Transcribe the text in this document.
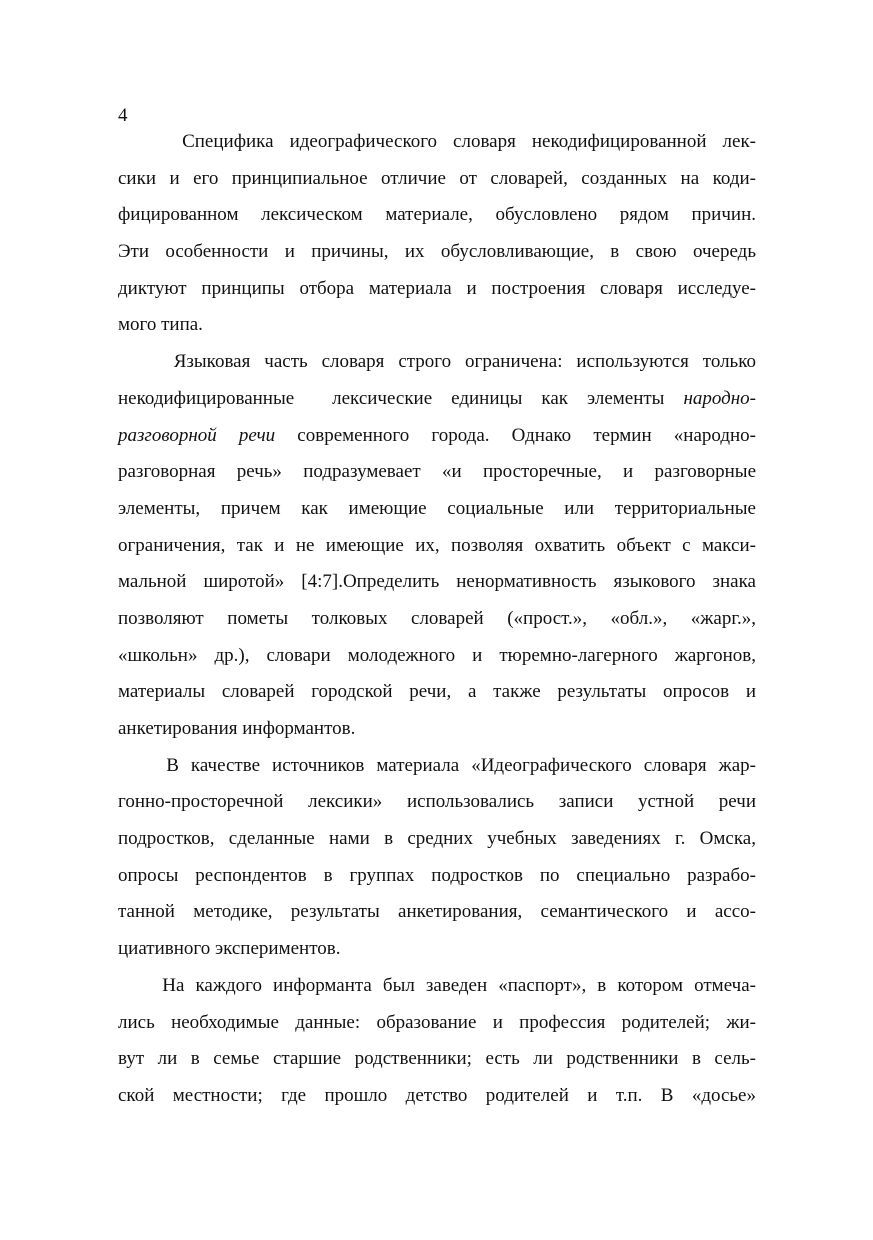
4
Специфика идеографического словаря некодифицированной лек-
сики и его принципиальное отличие от словарей, созданных на коди-
фицированном лексическом материале, обусловлено рядом причин.
Эти особенности и причины, их обусловливающие, в свою очередь
диктуют принципы отбора материала и построения словаря исследуе-
мого типа.
Языковая часть словаря строго ограничена: используются только
некодифицированные  лексические единицы как элементы народно-
разговорной речи современного города. Однако термин «народно-
разговорная речь» подразумевает «и просторечные, и разговорные
элементы, причем как имеющие социальные или территориальные
ограничения, так и не имеющие их, позволяя охватить объект с макси-
мальной широтой» [4:7].Определить ненормативность языкового знака
позволяют пометы толковых словарей («прост.», «обл.», «жарг.»,
«школьн» др.), словари молодежного и тюремно-лагерного жаргонов,
материалы словарей городской речи, а также результаты опросов и
анкетирования информантов.
В качестве источников материала «Идеографического словаря жар-
гонно-просторечной лексики» использовались записи устной речи
подростков, сделанные нами в средних учебных заведениях г. Омска,
опросы респондентов в группах подростков по специально разрабо-
танной методике, результаты анкетирования, семантического и ассо-
циативного экспериментов.
На каждого информанта был заведен «паспорт», в котором отмеча-
лись необходимые данные: образование и профессия родителей; жи-
вут ли в семье старшие родственники; есть ли родственники в сель-
ской местности; где прошло детство родителей и т.п. В «досье»
